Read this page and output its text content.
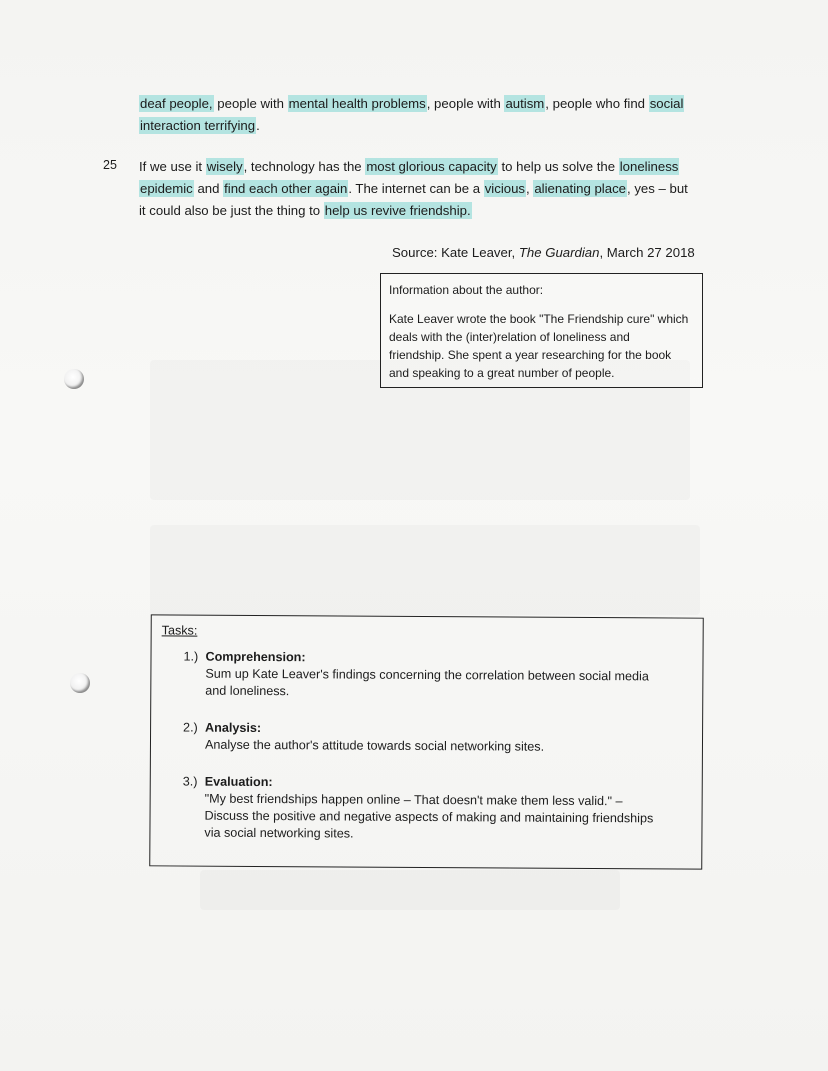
deaf people, people with mental health problems, people with autism, people who find social
interaction terrifying.
25 If we use it wisely, technology has the most glorious capacity to help us solve the loneliness
epidemic and find each other again. The internet can be a vicious, alienating place, yes – but
it could also be just the thing to help us revive friendship.
Source: Kate Leaver, The Guardian, March 27 2018
Information about the author:
Kate Leaver wrote the book "The Friendship cure" which
deals with the (inter)relation of loneliness and
friendship. She spent a year researching for the book
and speaking to a great number of people.
Tasks:
1.) Comprehension:
Sum up Kate Leaver's findings concerning the correlation between social media
and loneliness.
2.) Analysis:
Analyse the author's attitude towards social networking sites.
3.) Evaluation:
"My best friendships happen online – That doesn't make them less valid." –
Discuss the positive and negative aspects of making and maintaining friendships
via social networking sites.
